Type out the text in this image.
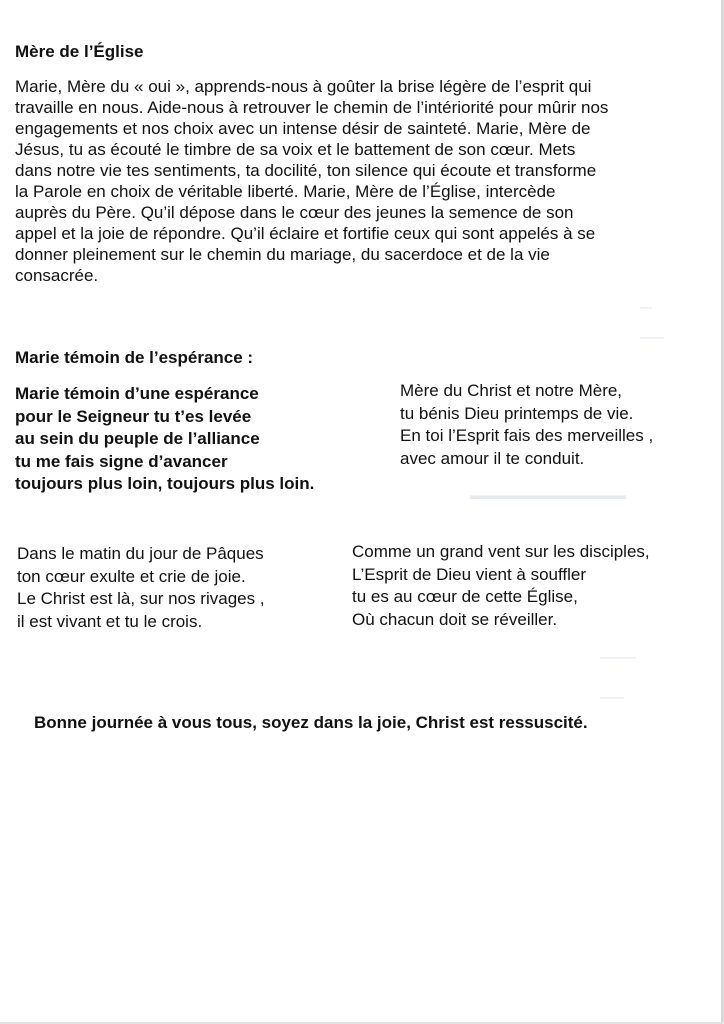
▬▬▬▬▬▬▬▬▬▬▬▬▬
—
——
———
——
Mère de l’Église
Marie, Mère du « oui », apprends-nous à goûter la brise légère de l’esprit qui
travaille en nous. Aide-nous à retrouver le chemin de l’intériorité pour mûrir nos
engagements et nos choix avec un intense désir de sainteté. Marie, Mère de
Jésus, tu as écouté le timbre de sa voix et le battement de son cœur. Mets
dans notre vie tes sentiments, ta docilité, ton silence qui écoute et transforme
la Parole en choix de véritable liberté. Marie, Mère de l’Église, intercède
auprès du Père. Qu’il dépose dans le cœur des jeunes la semence de son
appel et la joie de répondre. Qu’il éclaire et fortifie ceux qui sont appelés à se
donner pleinement sur le chemin du mariage, du sacerdoce et de la vie
consacrée.
Marie témoin de l’espérance :
Marie témoin d’une espérance
pour le Seigneur tu t’es levée
au sein du peuple de l’alliance
tu me fais signe d’avancer
toujours plus loin, toujours plus loin.
Mère du Christ et notre Mère,
tu bénis Dieu printemps de vie.
En toi l’Esprit fais des merveilles ,
avec amour il te conduit.
Dans le matin du jour de Pâques
ton cœur exulte et crie de joie.
Le Christ est là, sur nos rivages ,
il est vivant et tu le crois.
Comme un grand vent sur les disciples,
L’Esprit de Dieu vient à souffler
tu es au cœur de cette Église,
Où chacun doit se réveiller.
Bonne journée à vous tous, soyez dans la joie, Christ est ressuscité.
